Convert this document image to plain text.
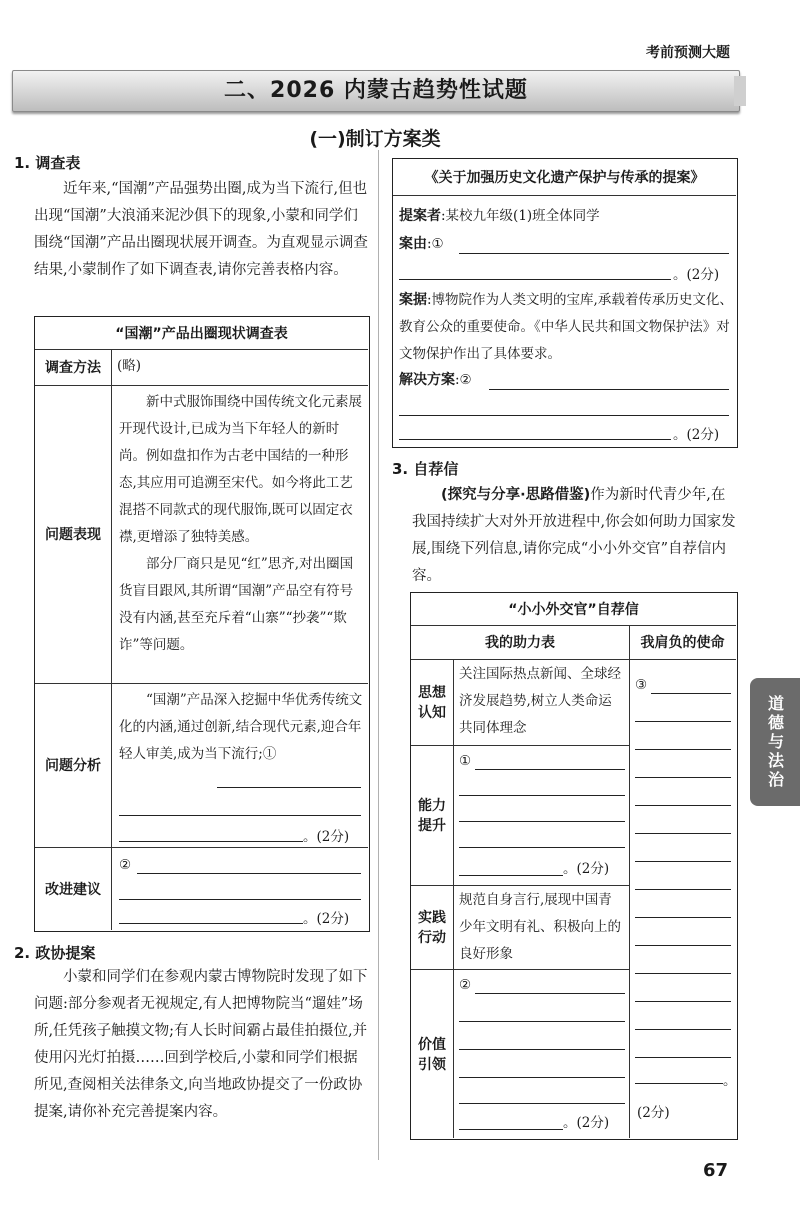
考前预测大题
二、2026 内蒙古趋势性试题
(一)制订方案类
1. 调查表
近年来,“国潮”产品强势出圈,成为当下流行,但也出现“国潮”大浪涌来泥沙俱下的现象,小蒙和同学们围绕“国潮”产品出圈现状展开调查。为直观显示调查结果,小蒙制作了如下调查表,请你完善表格内容。
“国潮”产品出圈现状调查表
调查方法	(略)
问题表现
新中式服饰围绕中国传统文化元素展开现代设计,已成为当下年轻人的新时尚。例如盘扣作为古老中国结的一种形态,其应用可追溯至宋代。如今将此工艺混搭不同款式的现代服饰,既可以固定衣襟,更增添了独特美感。
部分厂商只是见“红”思齐,对出圈国货盲目跟风,其所谓“国潮”产品空有符号没有内涵,甚至充斥着“山寨”“抄袭”“欺诈”等问题。
问题分析
“国潮”产品深入挖掘中华优秀传统文化的内涵,通过创新,结合现代元素,迎合年轻人审美,成为当下流行;①
。(2分)
改进建议
②
。(2分)
2. 政协提案
小蒙和同学们在参观内蒙古博物院时发现了如下问题:部分参观者无视规定,有人把博物院当“遛娃”场所,任凭孩子触摸文物;有人长时间霸占最佳拍摄位,并使用闪光灯拍摄……回到学校后,小蒙和同学们根据所见,查阅相关法律条文,向当地政协提交了一份政协提案,请你补充完善提案内容。
《关于加强历史文化遗产保护与传承的提案》
提案者:某校九年级(1)班全体同学
案由:①
。(2分)
案据:博物院作为人类文明的宝库,承载着传承历史文化、教育公众的重要使命。《中华人民共和国文物保护法》对文物保护作出了具体要求。
解决方案:②
。(2分)
3. 自荐信
(探究与分享·思路借鉴)作为新时代青少年,在我国持续扩大对外开放进程中,你会如何助力国家发展,围绕下列信息,请你完成“小小外交官”自荐信内容。
“小小外交官”自荐信
我的助力表	我肩负的使命
思想认知
关注国际热点新闻、全球经济发展趋势,树立人类命运共同体理念
能力提升
①
。(2分)
实践行动
规范自身言行,展现中国青少年文明有礼、积极向上的良好形象
价值引领
②
。(2分)
③
。
(2分)
道德与法治
67
